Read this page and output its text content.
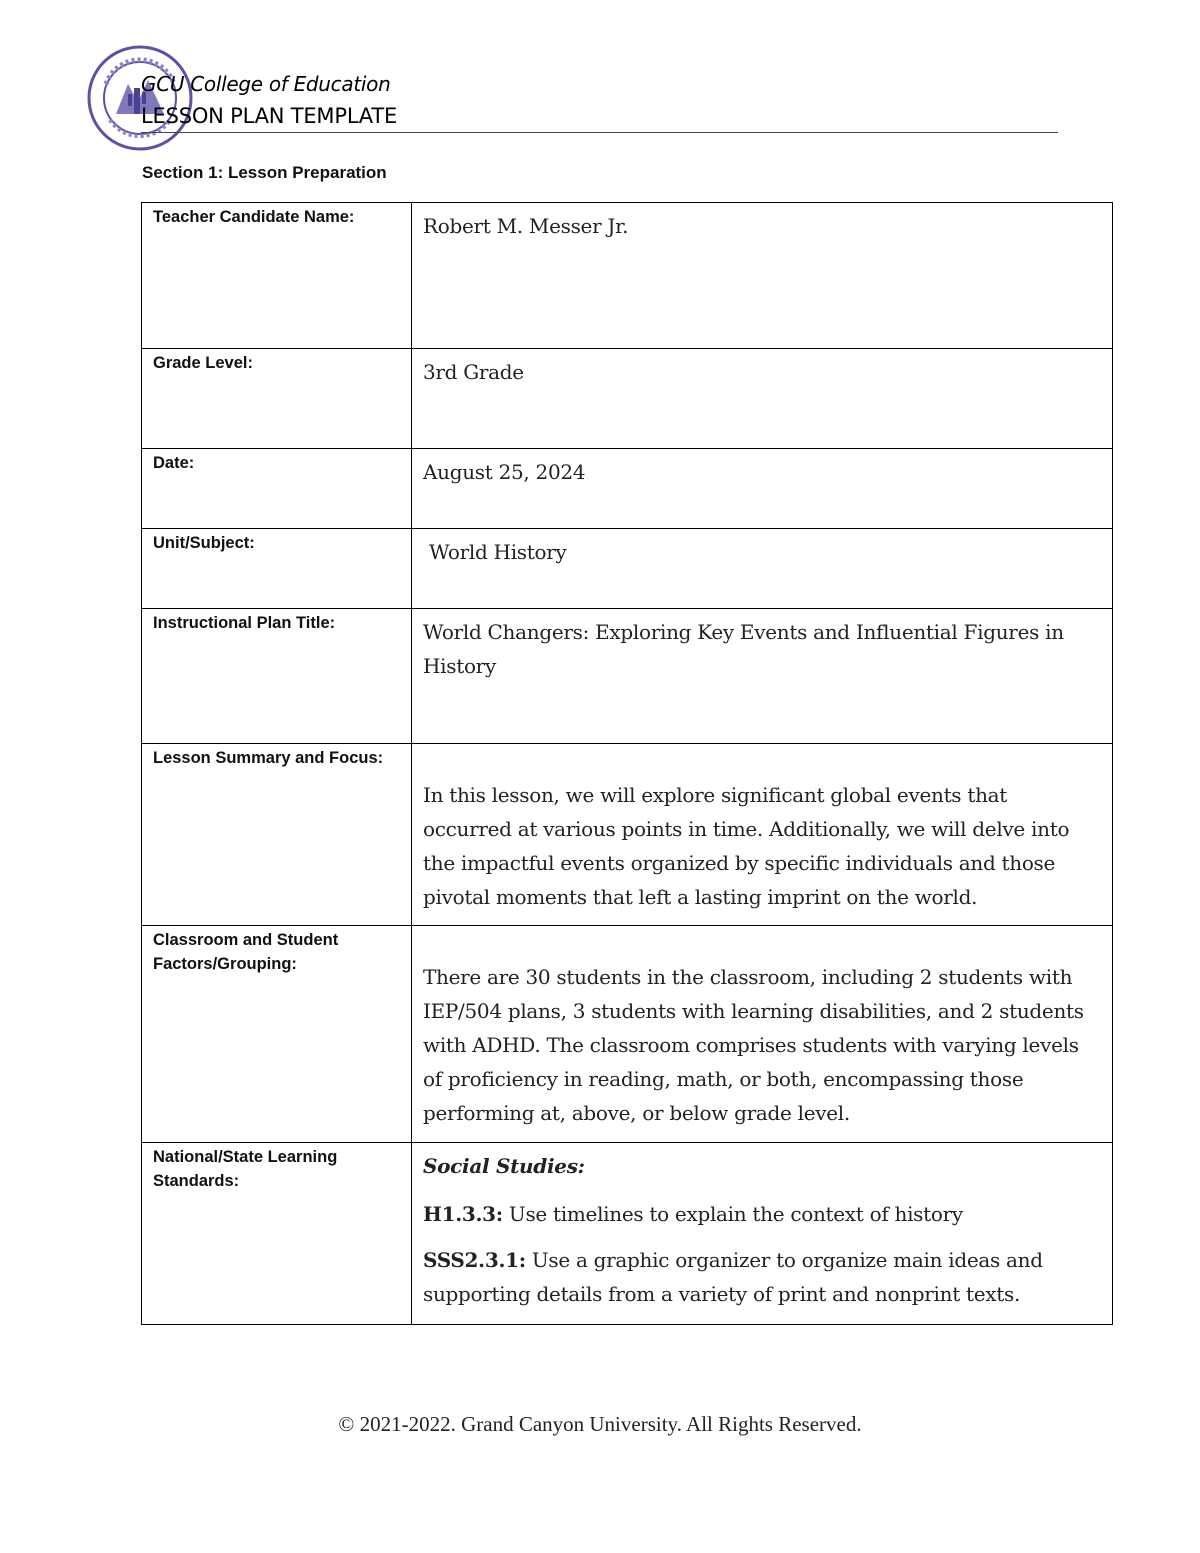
GCU College of Education
LESSON PLAN TEMPLATE
Section 1: Lesson Preparation
Teacher Candidate Name:	Robert M. Messer Jr.
Grade Level:	3rd Grade
Date:	August 25, 2024
Unit/Subject:	World History
Instructional Plan Title:	World Changers: Exploring Key Events and Influential Figures in History
Lesson Summary and Focus:	In this lesson, we will explore significant global events that occurred at various points in time. Additionally, we will delve into the impactful events organized by specific individuals and those pivotal moments that left a lasting imprint on the world.

Classroom and Student Factors/Grouping:	There are 30 students in the classroom, including 2 students with IEP/504 plans, 3 students with learning disabilities, and 2 students with ADHD. The classroom comprises students with varying levels of proficiency in reading, math, or both, encompassing those performing at, above, or below grade level.

National/State Learning Standards:	Social Studies:
H1.3.3: Use timelines to explain the context of history
SSS2.3.1: Use a graphic organizer to organize main ideas and supporting details from a variety of print and nonprint texts.
© 2021-2022. Grand Canyon University. All Rights Reserved.
